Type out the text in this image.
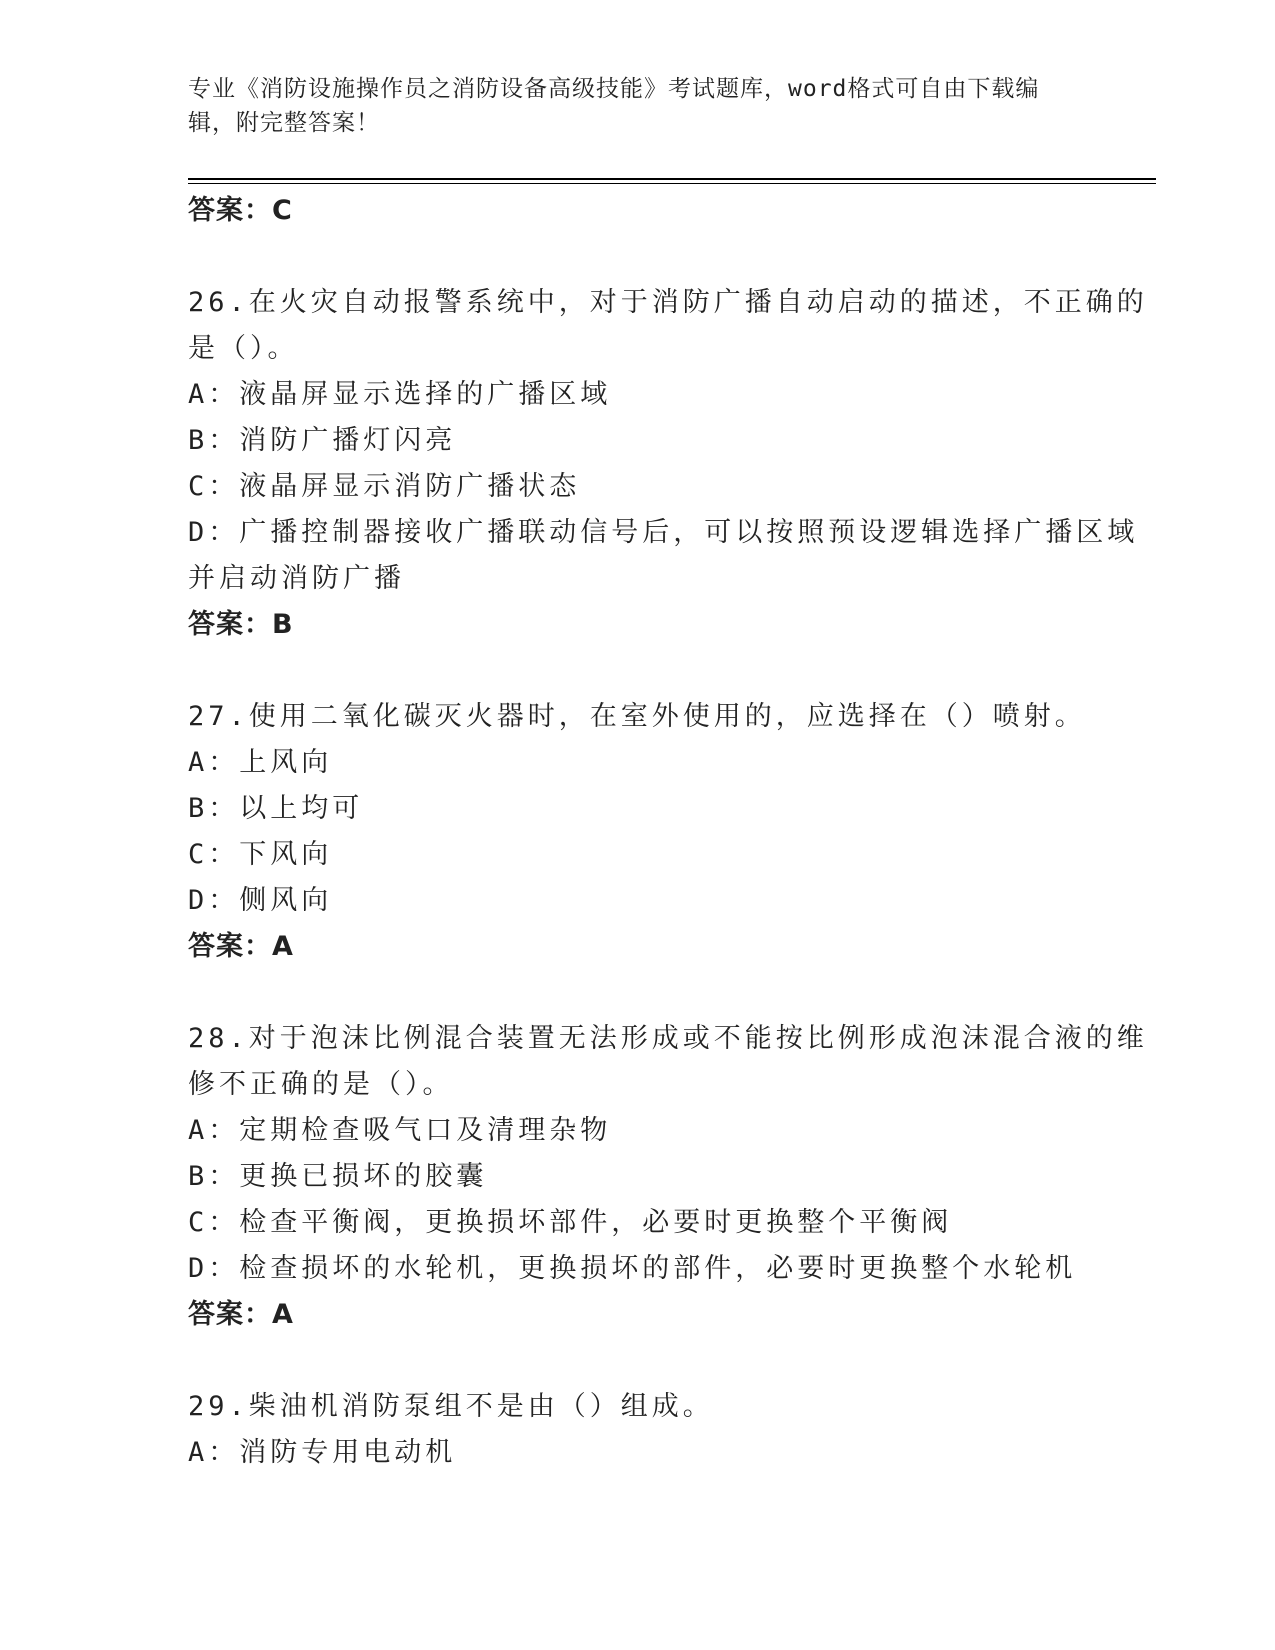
专业《消防设施操作员之消防设备高级技能》考试题库，word格式可自由下载编
辑，附完整答案！
答案：C
26.在火灾自动报警系统中，对于消防广播自动启动的描述，不正确的
是（）。
A：液晶屏显示选择的广播区域
B：消防广播灯闪亮
C：液晶屏显示消防广播状态
D：广播控制器接收广播联动信号后，可以按照预设逻辑选择广播区域
并启动消防广播
答案：B
27.使用二氧化碳灭火器时，在室外使用的，应选择在（）喷射。
A：上风向
B：以上均可
C：下风向
D：侧风向
答案：A
28.对于泡沫比例混合装置无法形成或不能按比例形成泡沫混合液的维
修不正确的是（）。
A：定期检查吸气口及清理杂物
B：更换已损坏的胶囊
C：检查平衡阀，更换损坏部件，必要时更换整个平衡阀
D：检查损坏的水轮机，更换损坏的部件，必要时更换整个水轮机
答案：A
29.柴油机消防泵组不是由（）组成。
A：消防专用电动机
